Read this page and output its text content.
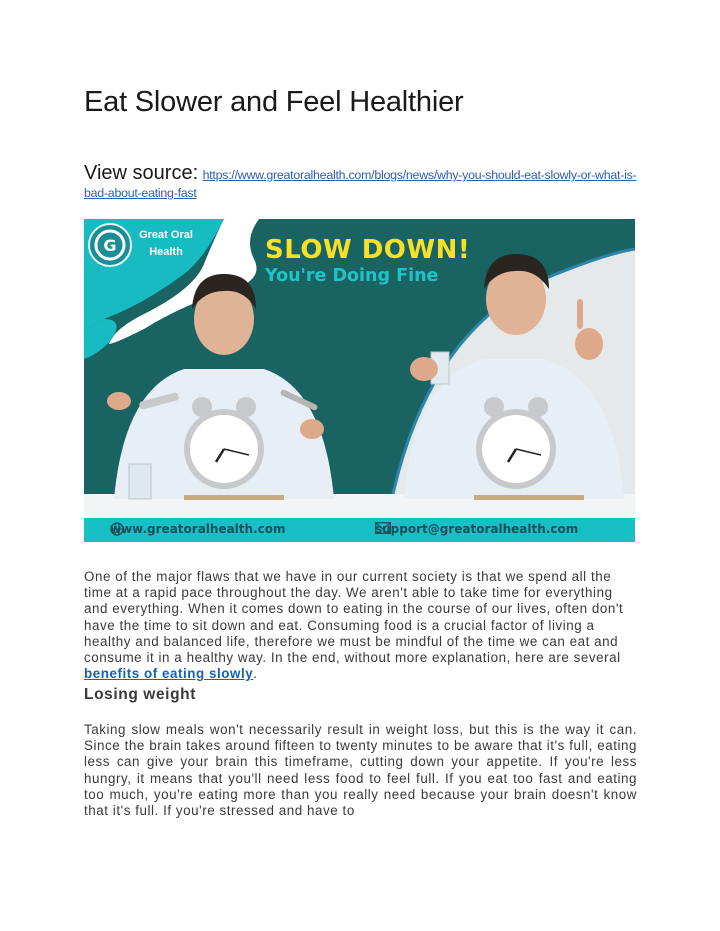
Eat Slower and Feel Healthier
View source: https://www.greatoralhealth.com/blogs/news/why-you-should-eat-slowly-or-what-is-bad-about-eating-fast
G
Great Oral
Health	SLOW DOWN!
You're Doing Fine
www.greatoralhealth.com	support@greatoralhealth.com

One of the major flaws that we have in our current society is that we spend all the time at a rapid pace throughout the day. We aren't able to take time for everything and everything. When it comes down to eating in the course of our lives, often don't have the time to sit down and eat. Consuming food is a crucial factor of living a healthy and balanced life, therefore we must be mindful of the time we can eat and consume it in a healthy way. In the end, without more explanation, here are several benefits of eating slowly.

Losing weight

Taking slow meals won't necessarily result in weight loss, but this is the way it can. Since the brain takes around fifteen to twenty minutes to be aware that it's full, eating less can give your brain this timeframe, cutting down your appetite. If you're less hungry, it means that you'll need less food to feel full. If you eat too fast and eating too much, you're eating more than you really need because your brain doesn't know that it's full. If you're stressed and have to
